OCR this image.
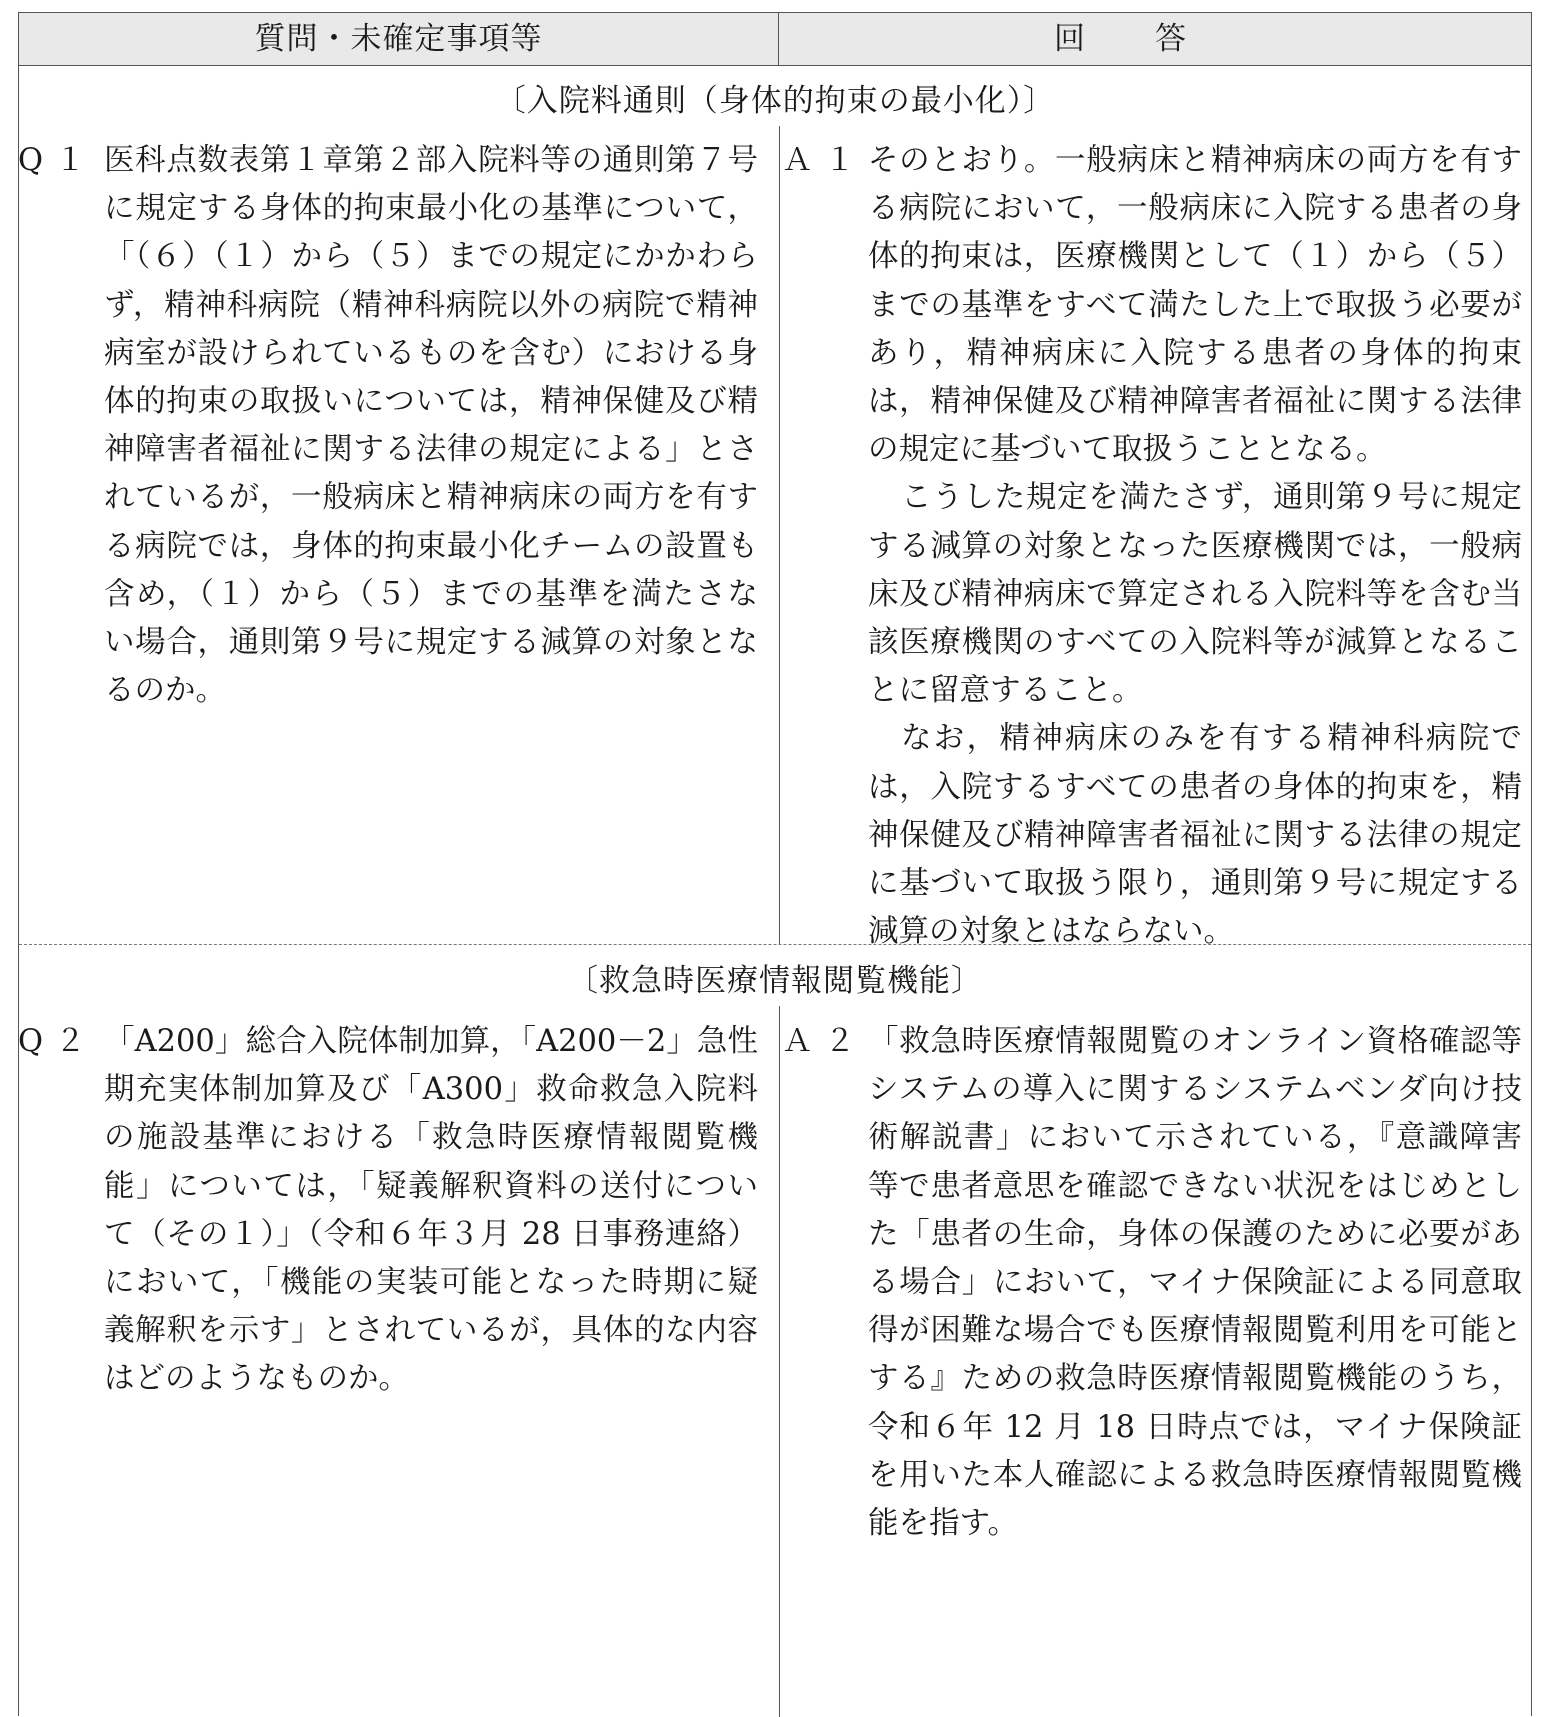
質問・未確定事項等	回答
〔入院料通則（身体的拘束の最小化）〕
〔救急時医療情報閲覧機能〕
Q１ 医科点数表第１章第２部入院料等の通則第７号に規定する身体的拘束最小化の基準について，「（６）（１）から（５）までの規定にかかわらず，精神科病院（精神科病院以外の病院で精神病室が設けられているものを含む）における身体的拘束の取扱いについては，精神保健及び精神障害者福祉に関する法律の規定による」とされているが，一般病床と精神病床の両方を有する病院では，身体的拘束最小化チームの設置も含め，（１）から（５）までの基準を満たさない場合，通則第９号に規定する減算の対象となるのか。

Ａ１ そのとおり。一般病床と精神病床の両方を有する病院において，一般病床に入院する患者の身体的拘束は，医療機関として（１）から（５）までの基準をすべて満たした上で取扱う必要があり，精神病床に入院する患者の身体的拘束は，精神保健及び精神障害者福祉に関する法律の規定に基づいて取扱うこととなる。

こうした規定を満たさず，通則第９号に規定する減算の対象となった医療機関では，一般病床及び精神病床で算定される入院料等を含む当該医療機関のすべての入院料等が減算となることに留意すること。

なお，精神病床のみを有する精神科病院では，入院するすべての患者の身体的拘束を，精神保健及び精神障害者福祉に関する法律の規定に基づいて取扱う限り，通則第９号に規定する減算の対象とはならない。

Q２ 「A200」総合入院体制加算，「A200－2」急性期充実体制加算及び「A300」救命救急入院料の施設基準における「救急時医療情報閲覧機能」については，「疑義解釈資料の送付について（その１）」（令和６年３月 28 日事務連絡）において，「機能の実装可能となった時期に疑義解釈を示す」とされているが，具体的な内容はどのようなものか。

Ａ２ 「救急時医療情報閲覧のオンライン資格確認等システムの導入に関するシステムベンダ向け技術解説書」において示されている，『意識障害等で患者意思を確認できない状況をはじめとした「患者の生命，身体の保護のために必要がある場合」において，マイナ保険証による同意取得が困難な場合でも医療情報閲覧利用を可能とする』ための救急時医療情報閲覧機能のうち，令和６年 12 月 18 日時点では，マイナ保険証を用いた本人確認による救急時医療情報閲覧機能を指す。
